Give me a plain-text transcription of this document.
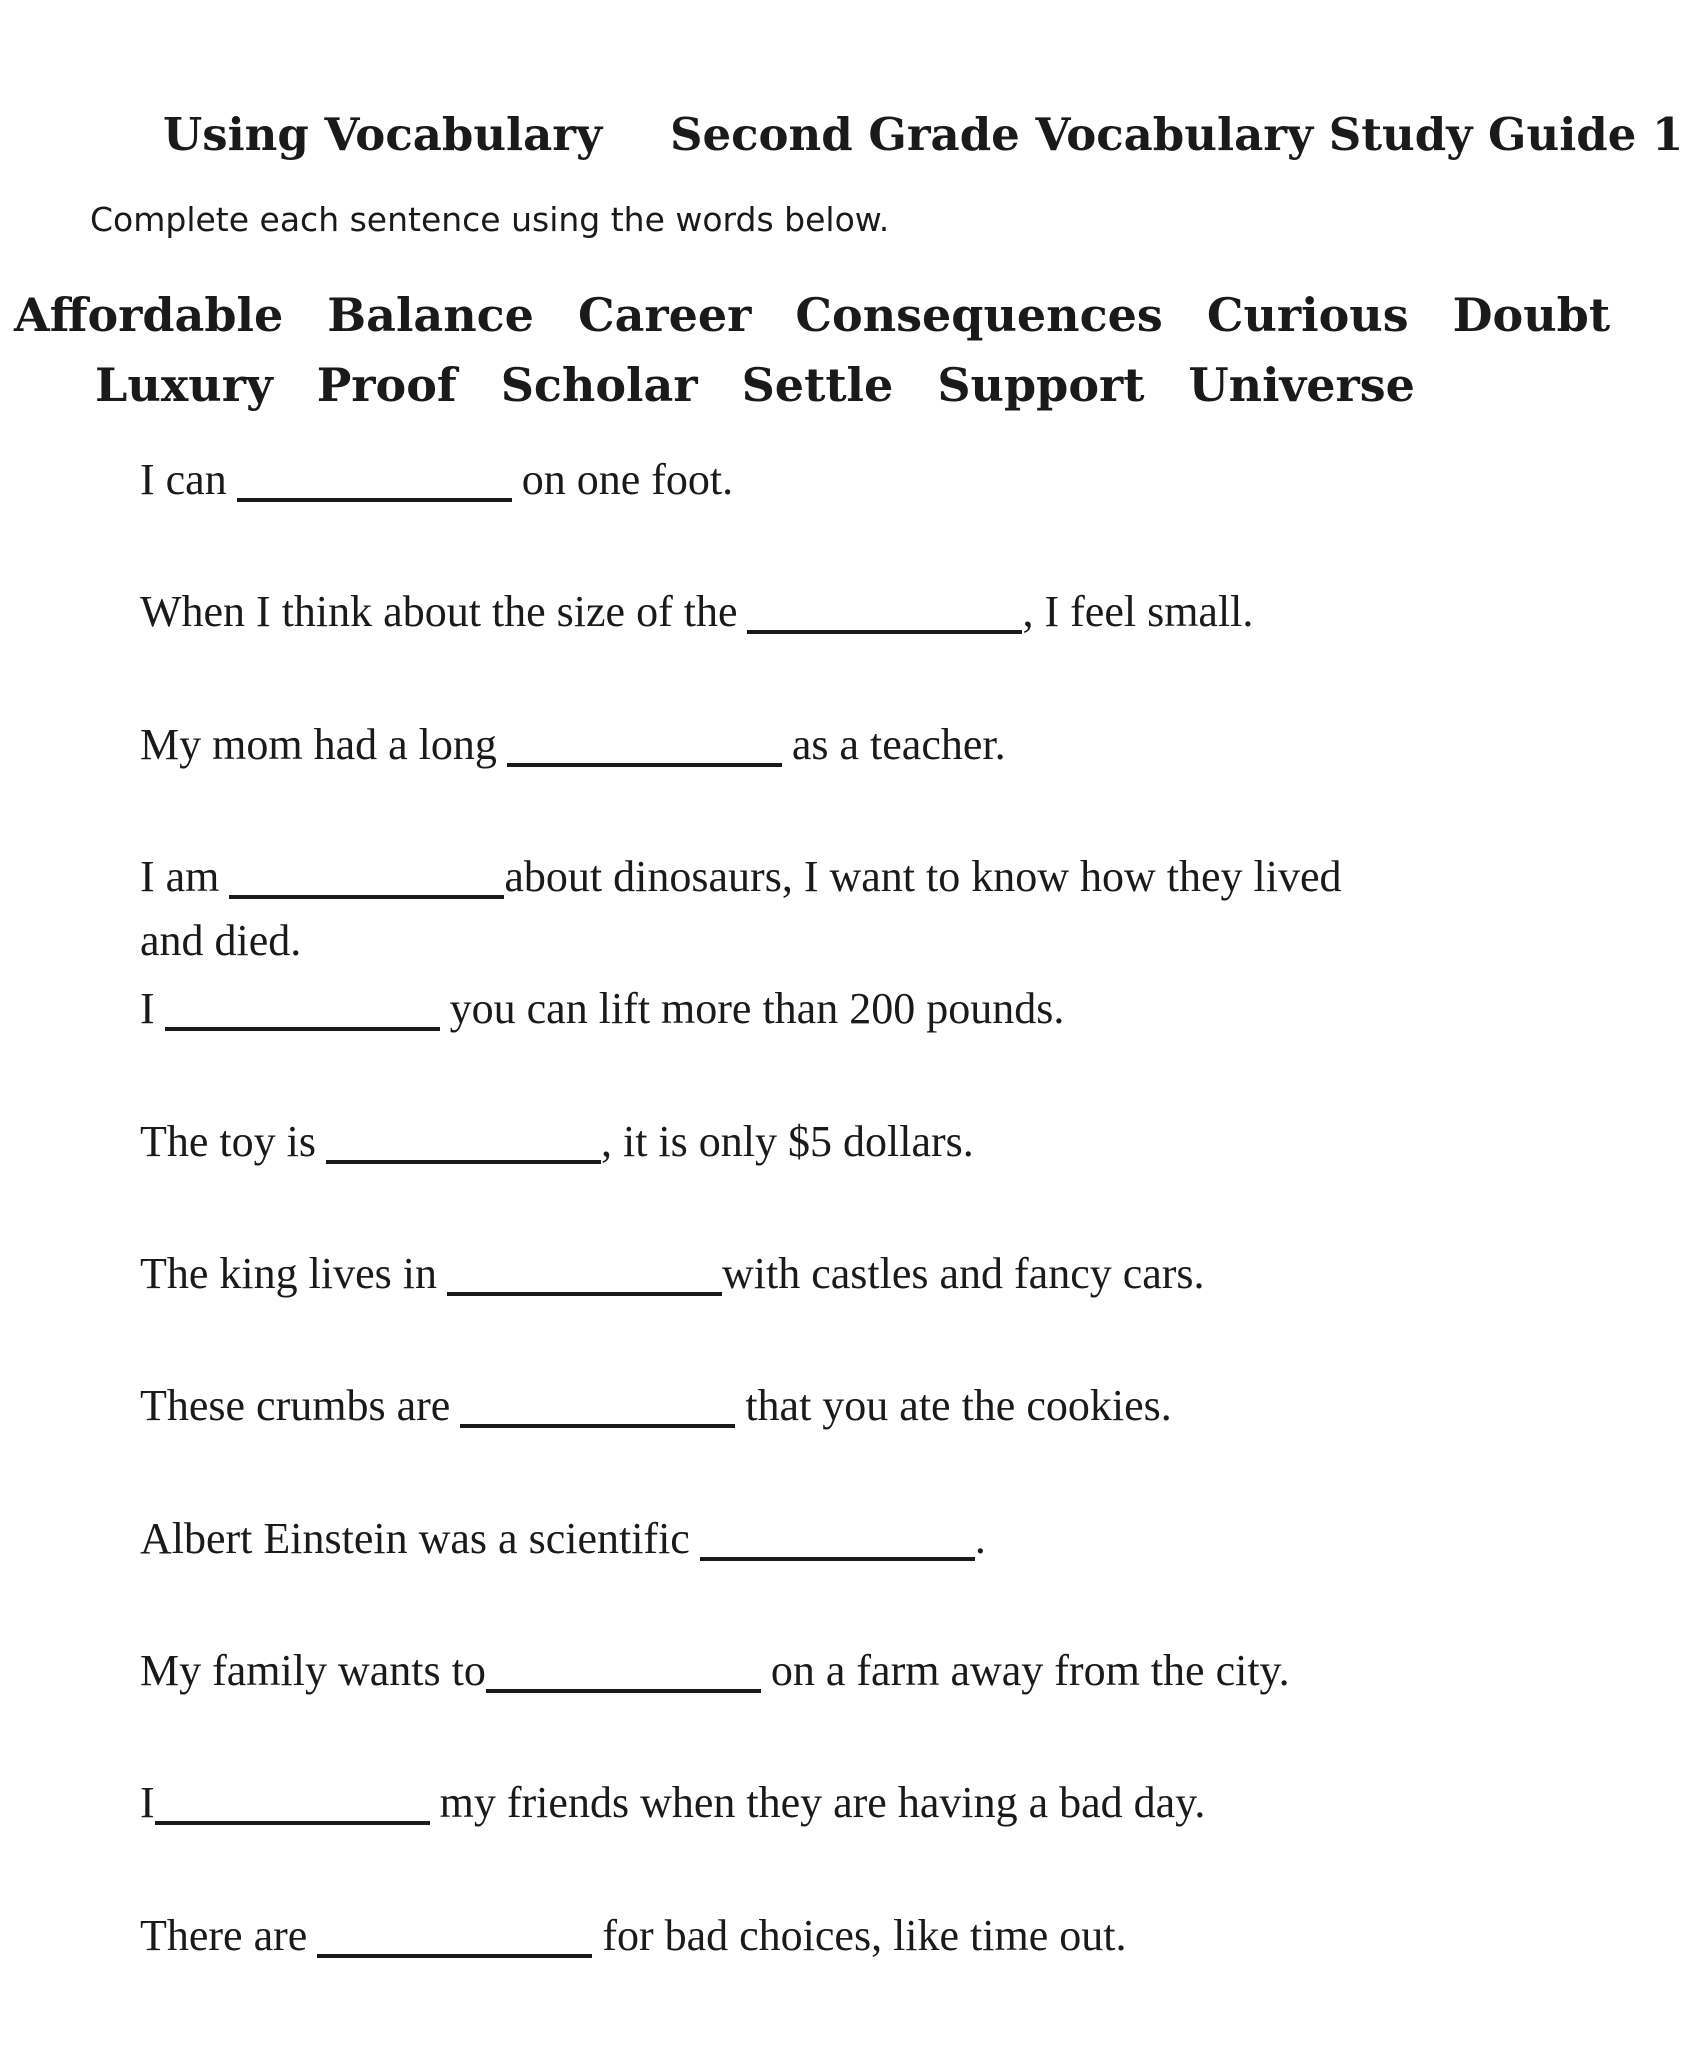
Using Vocabulary Second Grade Vocabulary Study Guide 1
Complete each sentence using the words below.
Affordable Balance Career Consequences Curious Doubt
Luxury Proof Scholar Settle Support Universe
I can	on one foot.
When I think about the size of the	, I feel small.
My mom had a long	as a teacher.
I am	about dinosaurs, I want to know how they lived
and died.
I	you can lift more than 200 pounds.
The toy is	, it is only $5 dollars.
The king lives in	with castles and fancy cars.
These crumbs are	that you ate the cookies.
Albert Einstein was a scientific	.
My family wants to	on a farm away from the city.
I	my friends when they are having a bad day.
There are	for bad choices, like time out.
